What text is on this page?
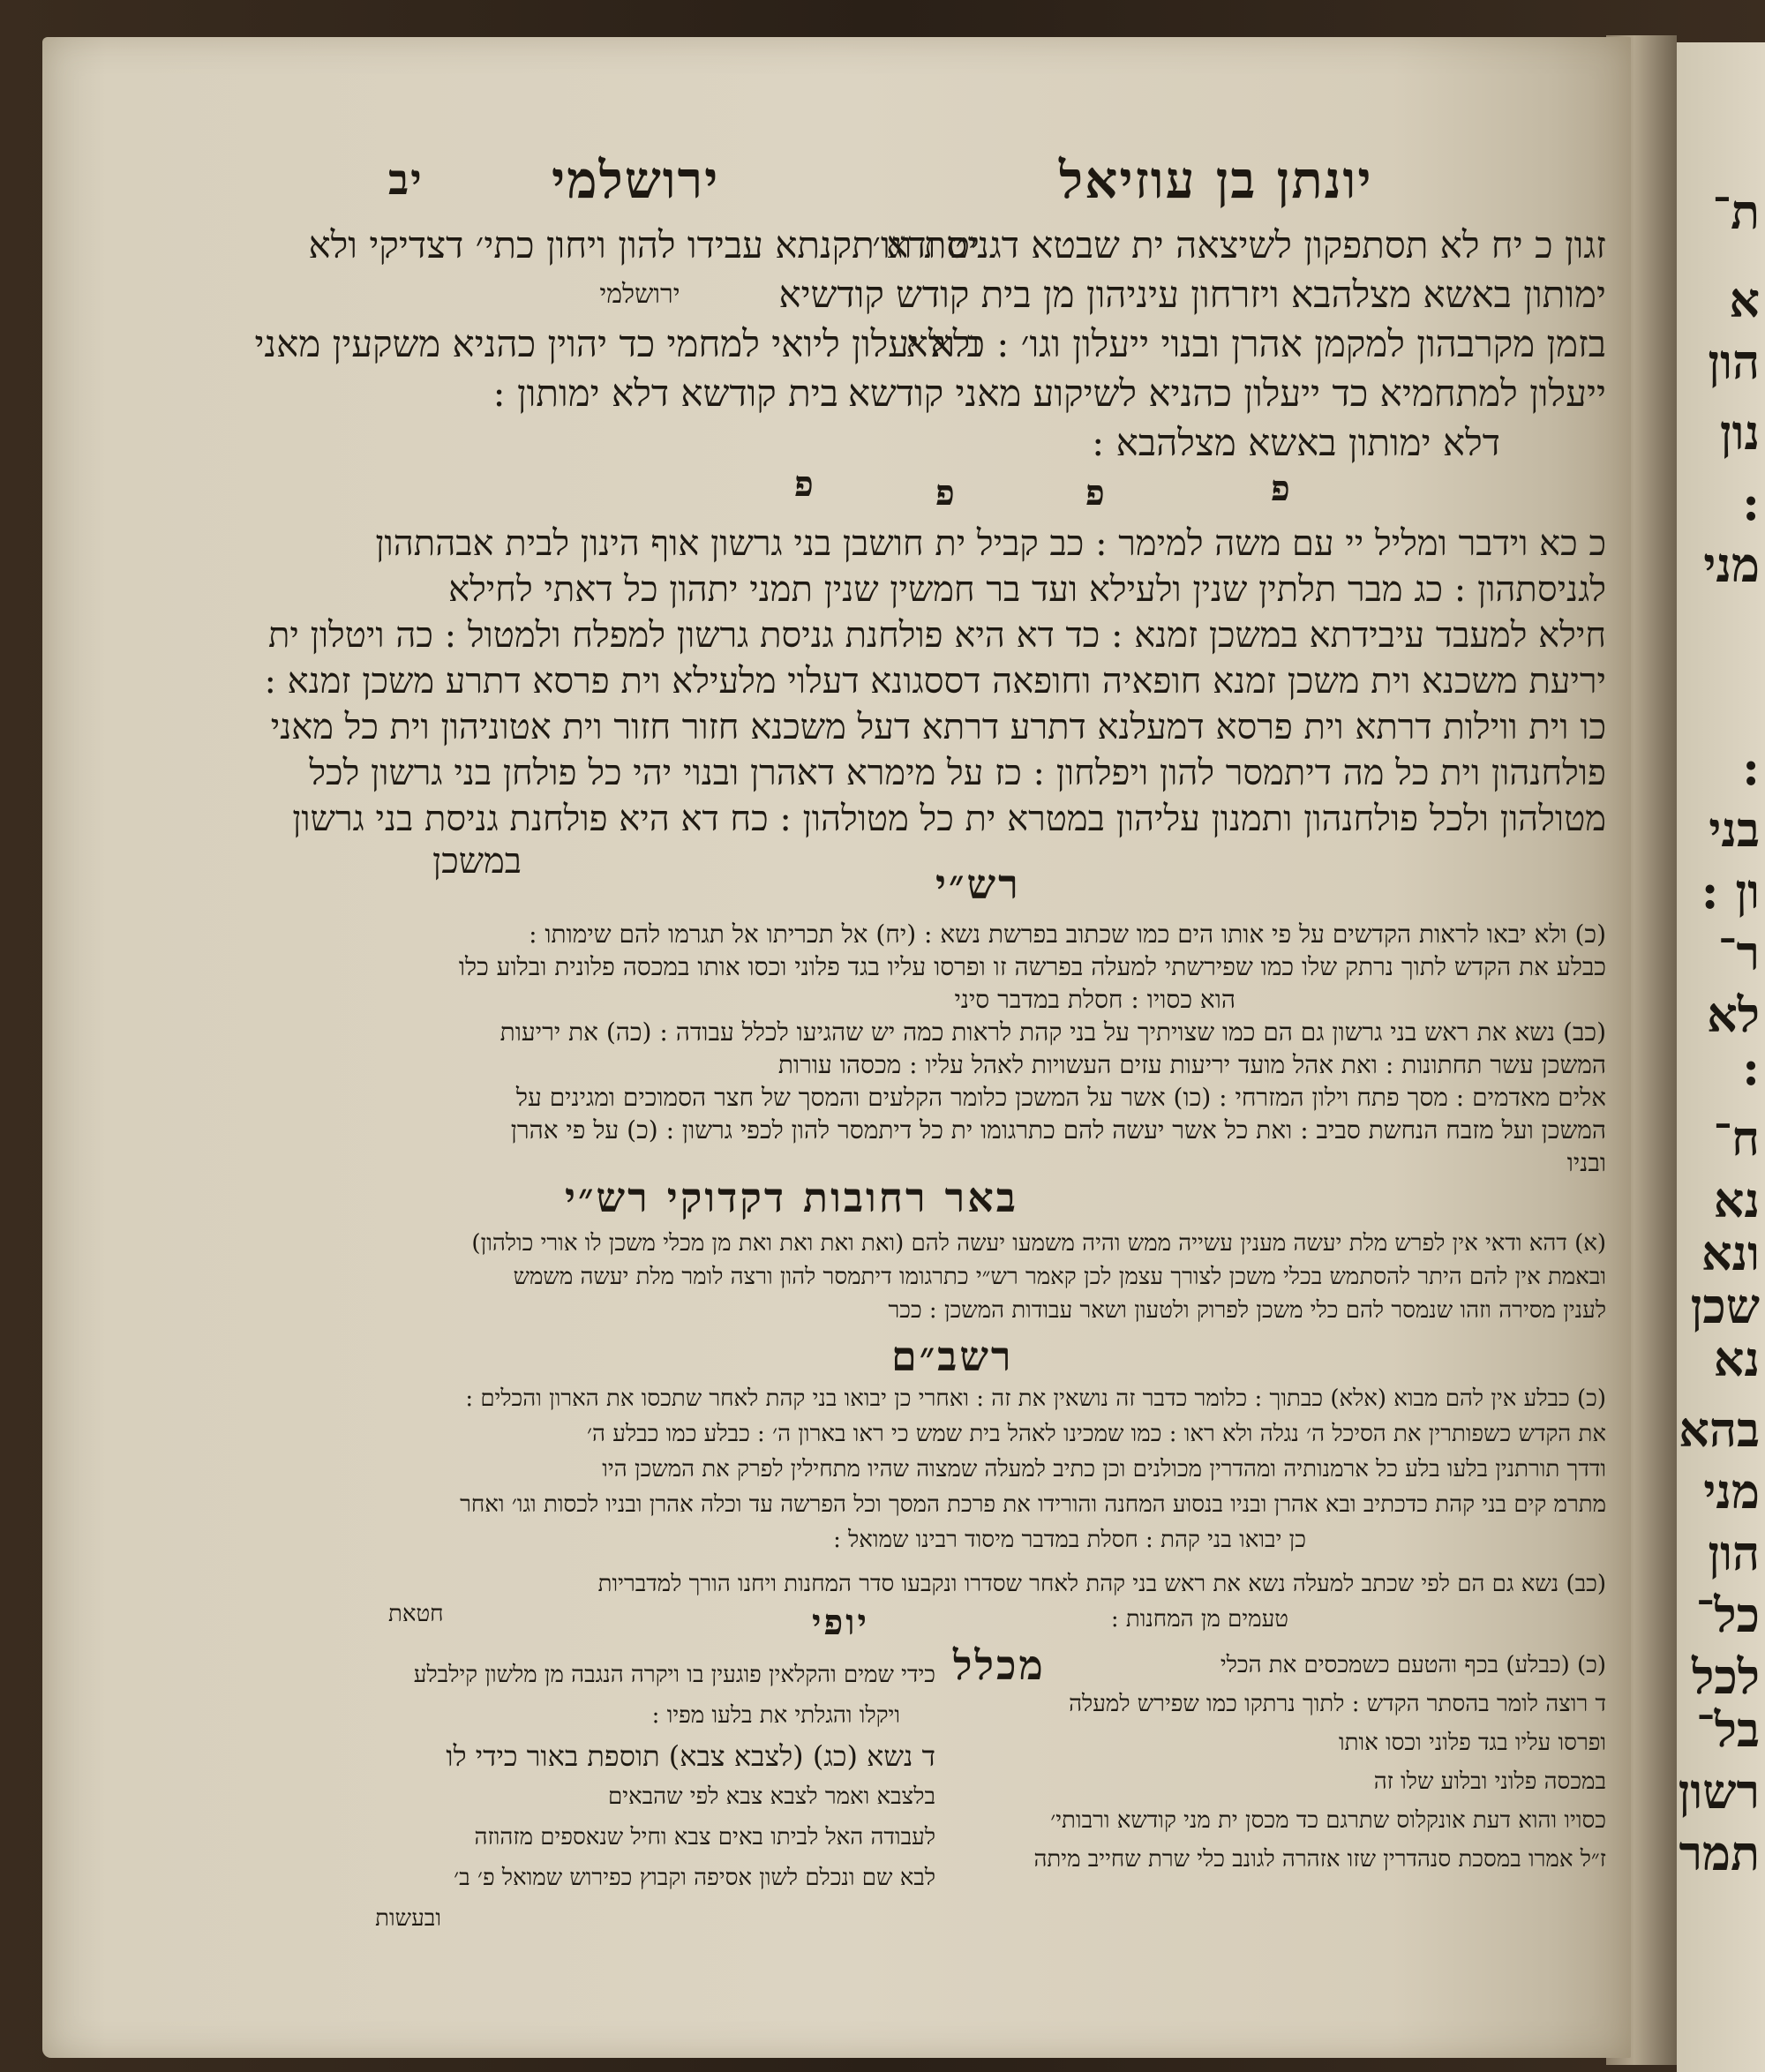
ת־
א
הון
נון
:
מני
:
בני
ון :
ר־
לא
:
ח־
נא
ונא
שכן
נא
בהא
מני
הון
כל־
לכל
בל־
רשון
תמר
יונתן בן עוזיאל
ירושלמי
יב
זגון כ יח לא תסתפקון לשיצאה ית שבטא דגניסת וגו׳
ימותון באשא מצלהבא ויזרחון עיניהון מן בית קודש קודשיא
בזמן מקרבהון למקמן אהרן ובנוי ייעלון וגו׳ : כ ולא
ייעלון למתחמיא כד ייעלון כהניא לשיקוע מאני קודשא
דלא ימותון באשא מצלהבא :
יט ודא תקנתא עבידו להון ויחון כתי׳ דצדיקי ולא
ירושלמי
ולא יעלון ליואי למחמי כד יהוין כהניא משקעין מאני
בית קודשא דלא ימותון :
פ	פ	פ	פ
כ כא וידבר ומליל יי עם משה למימר : כב קביל ית חושבן בני גרשון אוף הינון לבית אבהתהון
לגניסתהון : כג מבר תלתין שנין ולעילא ועד בר חמשין שנין תמני יתהון כל דאתי לחילא
חילא למעבד עיבידתא במשכן זמנא : כד דא היא פולחנת גניסת גרשון למפלח ולמטול : כה ויטלון ית
יריעת משכנא וית משכן זמנא חופאיה וחופאה דססגונא דעלוי מלעילא וית פרסא דתרע משכן זמנא :
כו וית ווילות דרתא וית פרסא דמעלנא דתרע דרתא דעל משכנא חזור חזור וית אטוניהון וית כל מאני
פולחנהון וית כל מה דיתמסר להון ויפלחון : כז על מימרא דאהרן ובנוי יהי כל פולחן בני גרשון לכל
מטולהון ולכל פולחנהון ותמנון עליהון במטרא ית כל מטולהון : כח דא היא פולחנת גניסת בני גרשון
במשכן	רש״י
(כ) ולא יבאו לראות הקדשים על פי אותו הים כמו שכתוב בפרשת נשא : (יח) אל תכריתו אל תגרמו להם שימותו :
כבלע את הקדש לתוך נרתק שלו כמו שפירשתי למעלה בפרשה זו ופרסו עליו בגד פלוני וכסו אותו במכסה פלונית ובלוע כלו
הוא כסויו : חסלת במדבר סיני
(כב) נשא את ראש בני גרשון גם הם כמו שצויתיך על בני קהת לראות כמה יש שהגיעו לכלל עבודה : (כה) את יריעות
המשכן עשר תחתונות : ואת אהל מועד יריעות עזים העשויות לאהל עליו : מכסהו עורות
אלים מאדמים : מסך פתח וילון המזרחי : (כו) אשר על המשכן כלומר הקלעים והמסך של חצר הסמוכים ומגינים על
המשכן ועל מזבח הנחשת סביב : ואת כל אשר יעשה להם כתרגומו ית כל דיתמסר להון לכפי גרשון : (כ) על פי אהרן
ובניו
באר רחובות דקדוקי רש״י
(א) דהא ודאי אין לפרש מלת יעשה מענין עשייה ממש והיה משמעו יעשה להם (ואת ואת ואת ואת מן מכלי משכן לו אורי כולהון)
ובאמת אין להם היתר להסתמש בכלי משכן לצורך עצמן לכן קאמר רש״י כתרגומו דיתמסר להון ורצה לומר מלת יעשה משמש
לענין מסירה וזהו שנמסר להם כלי משכן לפרוק ולטעון ושאר עבודות המשכן : ככר
רשב״ם
(כ) כבלע אין להם מבוא (אלא) כבתוך : כלומר כדבר זה נושאין את זה : ואחרי כן יבואו בני קהת לאחר שתכסו את הארון והכלים :
את הקדש כשפותרין את הסיכל ה׳ נגלה ולא ראו : כמו שמכינו לאהל בית שמש כי ראו בארון ה׳ : כבלע כמו כבלע ה׳
ודדך תורתנין בלעו בלע כל ארמנותיה ומהדרין מכולנים וכן כתיב למעלה שמצוה שהיו מתחילין לפרק את המשכן היו
מתרמ קים בני קהת כדכתיב ובא אהרן ובניו בנסוע המחנה והורידו את פרכת המסך וכל הפרשה עד וכלה אהרן ובניו לכסות וגו׳ ואחר
כן יבואו בני קהת : חסלת במדבר מיסוד רבינו שמואל :
(כב) נשא גם הם לפי שכתב למעלה נשא את ראש בני קהת לאחר שסדרו ונקבעו סדר המחנות ויחנו הורך למדבריות
טעמים מן המחנות :
חטאת
מכלל
יופי
(כ) (כבלע) בכף והטעם כשמכסים את הכלי
ד רוצה לומר בהסתר הקדש : לתוך נרתקו כמו שפירש למעלה
ופרסו עליו בגד פלוני וכסו אותו
במכסה פלוני ובלוע שלו זה
כסויו והוא דעת אונקלוס שתרגם כד מכסן ית מני קודשא ורבותי׳
ז״ל אמרו במסכת סנהדרין שזו אזהרה לגונב כלי שרת שחייב מיתה
כידי שמים והקלאין פוגעין בו ויקרה הנגבה מן מלשון קילבלע
ויקלו והגלתי את בלעו מפיו :
ד נשא (כג) (לצבא צבא) תוספת באור כידי לו
בלצבא ואמר לצבא צבא לפי שהבאים
לעבודה האל לביתו באים צבא וחיל שנאספים מזהוזה
לבא שם ונכלם לשון אסיפה וקבוץ כפירוש שמואל פ׳ ב׳
ובעשות
